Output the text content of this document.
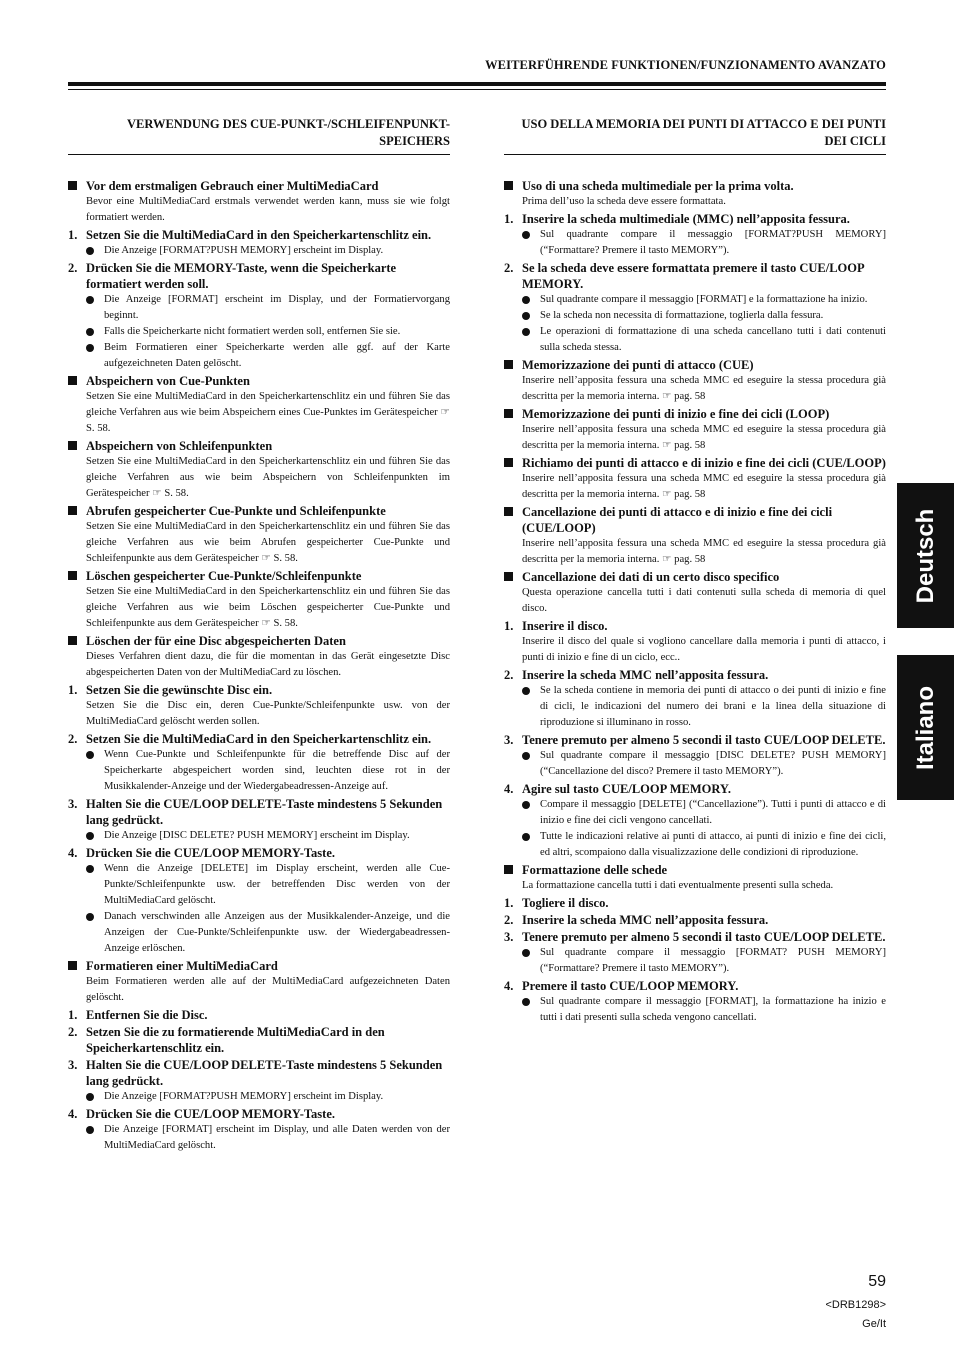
WEITERFÜHRENDE FUNKTIONEN/FUNZIONAMENTO AVANZATO
VERWENDUNG DES CUE-PUNKT-/SCHLEIFENPUNKT-SPEICHERS
Vor dem erstmaligen Gebrauch einer MultiMediaCard
Bevor eine MultiMediaCard erstmals verwendet werden kann, muss sie wie folgt formatiert werden.
1. Setzen Sie die MultiMediaCard in den Speicherkartenschlitz ein.
Die Anzeige [FORMAT?PUSH MEMORY] erscheint im Display.
2. Drücken Sie die MEMORY-Taste, wenn die Speicherkarte formatiert werden soll.
Die Anzeige [FORMAT] erscheint im Display, und der Formatiervorgang beginnt.
Falls die Speicherkarte nicht formatiert werden soll, entfernen Sie sie.
Beim Formatieren einer Speicherkarte werden alle ggf. auf der Karte aufgezeichneten Daten gelöscht.
Abspeichern von Cue-Punkten
Setzen Sie eine MultiMediaCard in den Speicherkartenschlitz ein und führen Sie das gleiche Verfahren aus wie beim Abspeichern eines Cue-Punktes im Gerätespeicher ☞ S. 58.
Abspeichern von Schleifenpunkten
Setzen Sie eine MultiMediaCard in den Speicherkartenschlitz ein und führen Sie das gleiche Verfahren aus wie beim Abspeichern von Schleifenpunkten im Gerätespeicher ☞ S. 58.
Abrufen gespeicherter Cue-Punkte und Schleifenpunkte
Setzen Sie eine MultiMediaCard in den Speicherkartenschlitz ein und führen Sie das gleiche Verfahren aus wie beim Abrufen gespeicherter Cue-Punkte und Schleifenpunkte aus dem Gerätespeicher ☞ S. 58.
Löschen gespeicherter Cue-Punkte/Schleifenpunkte
Setzen Sie eine MultiMediaCard in den Speicherkartenschlitz ein und führen Sie das gleiche Verfahren aus wie beim Löschen gespeicherter Cue-Punkte und Schleifenpunkte aus dem Gerätespeicher ☞ S. 58.
Löschen der für eine Disc abgespeicherten Daten
Dieses Verfahren dient dazu, die für die momentan in das Gerät eingesetzte Disc abgespeicherten Daten von der MultiMediaCard zu löschen.
1. Setzen Sie die gewünschte Disc ein.
Setzen Sie die Disc ein, deren Cue-Punkte/Schleifenpunkte usw. von der MultiMediaCard gelöscht werden sollen.
2. Setzen Sie die MultiMediaCard in den Speicherkartenschlitz ein.
Wenn Cue-Punkte und Schleifenpunkte für die betreffende Disc auf der Speicherkarte abgespeichert worden sind, leuchten diese rot in der Musikkalender-Anzeige und der Wiedergabeadressen-Anzeige auf.
3. Halten Sie die CUE/LOOP DELETE-Taste mindestens 5 Sekunden lang gedrückt.
Die Anzeige [DISC DELETE? PUSH MEMORY] erscheint im Display.
4. Drücken Sie die CUE/LOOP MEMORY-Taste.
Wenn die Anzeige [DELETE] im Display erscheint, werden alle Cue-Punkte/Schleifenpunkte usw. der betreffenden Disc werden von der MultiMediaCard gelöscht.
Danach verschwinden alle Anzeigen aus der Musikkalender-Anzeige, und die Anzeigen der Cue-Punkte/Schleifenpunkte usw. der Wiedergabeadressen-Anzeige erlöschen.
Formatieren einer MultiMediaCard
Beim Formatieren werden alle auf der MultiMediaCard aufgezeichneten Daten gelöscht.
1. Entfernen Sie die Disc.
2. Setzen Sie die zu formatierende MultiMediaCard in den Speicherkartenschlitz ein.
3. Halten Sie die CUE/LOOP DELETE-Taste mindestens 5 Sekunden lang gedrückt.
Die Anzeige [FORMAT?PUSH MEMORY] erscheint im Display.
4. Drücken Sie die CUE/LOOP MEMORY-Taste.
Die Anzeige [FORMAT] erscheint im Display, und alle Daten werden von der MultiMediaCard gelöscht.
USO DELLA MEMORIA DEI PUNTI DI ATTACCO E DEI PUNTI DEI CICLI
Uso di una scheda multimediale per la prima volta.
Prima dell’uso la scheda deve essere formattata.
1. Inserire la scheda multimediale (MMC) nell’apposita fessura.
Sul quadrante compare il messaggio [FORMAT?PUSH MEMORY] (“Formattare? Premere il tasto MEMORY”).
2. Se la scheda deve essere formattata premere il tasto CUE/LOOP MEMORY.
Sul quadrante compare il messaggio [FORMAT] e la formattazione ha inizio.
Se la scheda non necessita di formattazione, toglierla dalla fessura.
Le operazioni di formattazione di una scheda cancellano tutti i dati contenuti sulla scheda stessa.
Memorizzazione dei punti di attacco (CUE)
Inserire nell’apposita fessura una scheda MMC ed eseguire la stessa procedura già descritta per la memoria interna. ☞ pag. 58
Memorizzazione dei punti di inizio e fine dei cicli (LOOP)
Inserire nell’apposita fessura una scheda MMC ed eseguire la stessa procedura già descritta per la memoria interna. ☞ pag. 58
Richiamo dei punti di attacco e di inizio e fine dei cicli (CUE/LOOP)
Inserire nell’apposita fessura una scheda MMC ed eseguire la stessa procedura già descritta per la memoria interna. ☞ pag. 58
Cancellazione dei punti di attacco e di inizio e fine dei cicli (CUE/LOOP)
Inserire nell’apposita fessura una scheda MMC ed eseguire la stessa procedura già descritta per la memoria interna. ☞ pag. 58
Cancellazione dei dati di un certo disco specifico
Questa operazione cancella tutti i dati contenuti sulla scheda di memoria di quel disco.
1. Inserire il disco.
Inserire il disco del quale si vogliono cancellare dalla memoria i punti di attacco, i punti di inizio e fine di un ciclo, ecc..
2. Inserire la scheda MMC nell’apposita fessura.
Se la scheda contiene in memoria dei punti di attacco o dei punti di inizio e fine di cicli, le indicazioni del numero dei brani e la linea della situazione di riproduzione si illuminano in rosso.
3. Tenere premuto per almeno 5 secondi il tasto CUE/LOOP DELETE.
Sul quadrante compare il messaggio [DISC DELETE? PUSH MEMORY] (“Cancellazione del disco? Premere il tasto MEMORY”).
4. Agire sul tasto CUE/LOOP MEMORY.
Compare il messaggio [DELETE] (“Cancellazione”). Tutti i punti di attacco e di inizio e fine dei cicli vengono cancellati.
Tutte le indicazioni relative ai punti di attacco, ai punti di inizio e fine dei cicli, ed altri, scompaiono dalla visualizzazione delle condizioni di riproduzione.
Formattazione delle schede
La formattazione cancella tutti i dati eventualmente presenti sulla scheda.
1. Togliere il disco.
2. Inserire la scheda MMC nell’apposita fessura.
3. Tenere premuto per almeno 5 secondi il tasto CUE/LOOP DELETE.
Sul quadrante compare il messaggio [FORMAT? PUSH MEMORY] (“Formattare? Premere il tasto MEMORY”).
4. Premere il tasto CUE/LOOP MEMORY.
Sul quadrante compare il messaggio [FORMAT], la formattazione ha inizio e tutti i dati presenti sulla scheda vengono cancellati.
Deutsch
Italiano
59
<DRB1298>
Ge/It
